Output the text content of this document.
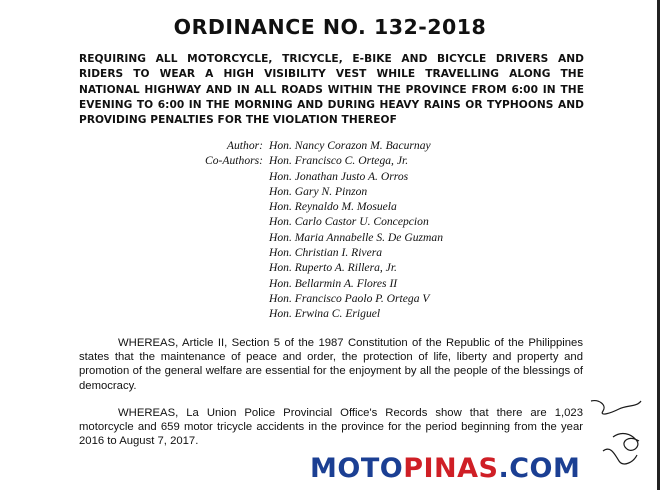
ORDINANCE NO. 132-2018
REQUIRING ALL MOTORCYCLE, TRICYCLE, E-BIKE AND BICYCLE DRIVERS AND RIDERS TO WEAR A HIGH VISIBILITY VEST WHILE TRAVELLING ALONG THE NATIONAL HIGHWAY AND IN ALL ROADS WITHIN THE PROVINCE FROM 6:00 IN THE EVENING TO 6:00 IN THE MORNING AND DURING HEAVY RAINS OR TYPHOONS AND PROVIDING PENALTIES FOR THE VIOLATION THEREOF
Author: Hon. Nancy Corazon M. Bacurnay
Co-Authors: Hon. Francisco C. Ortega, Jr.
Hon. Jonathan Justo A. Orros
Hon. Gary N. Pinzon
Hon. Reynaldo M. Mosuela
Hon. Carlo Castor U. Concepcion
Hon. Maria Annabelle S. De Guzman
Hon. Christian I. Rivera
Hon. Ruperto A. Rillera, Jr.
Hon. Bellarmin A. Flores II
Hon. Francisco Paolo P. Ortega V
Hon. Erwina C. Eriguel
WHEREAS, Article II, Section 5 of the 1987 Constitution of the Republic of the Philippines states that the maintenance of peace and order, the protection of life, liberty and property and promotion of the general welfare are essential for the enjoyment by all the people of the blessings of democracy.
WHEREAS, La Union Police Provincial Office's Records show that there are 1,023 motorcycle and 659 motor tricycle accidents in the province for the period beginning from the year 2016 to August 7, 2017.
MOTO PINAS .COM
